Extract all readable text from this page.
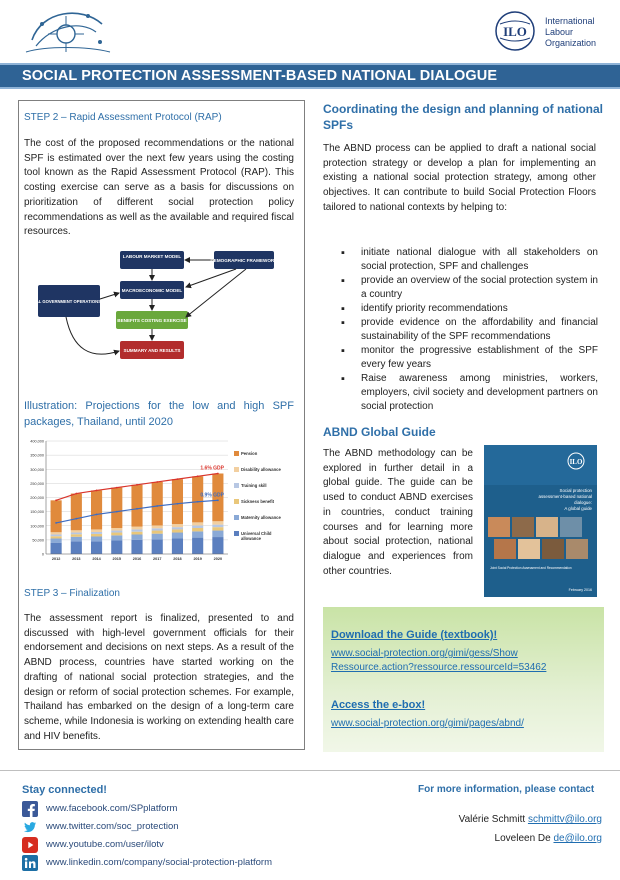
ILO
International
Labour
Organization
SOCIAL PROTECTION ASSESSMENT-BASED NATIONAL DIALOGUE
STEP 2 – Rapid Assessment Protocol (RAP)
The cost of the proposed recommendations or the national SPF is estimated over the next few years using the costing tool known as the Rapid Assessment Protocol (RAP). This costing exercise can serve as a basis for discussions on prioritization of different social protection policy recommendations as well as the available and required fiscal resources.
LABOUR MARKET MODEL
DEMOGRAPHIC FRAMEWORK
MACROECONOMIC MODEL
GENERAL GOVERNMENT OPERATIONS MODEL
BENEFITS COSTING EXERCISE
SUMMARY AND RESULTS
Illustration: Projections for the low and high SPF packages, Thailand, until 2020
0
50,000
100,000
150,000
200,000
250,000
300,000
350,000
400,000
2012	2013	2014	2015	2016	2017	2018	2019	2020
1.6% GDP
0.9% GDP
Pension
Disability allowance
Training skill
Sickness benefit
Maternity allowance
Universal Child allowance
STEP 3 – Finalization
The assessment report is finalized, presented to and discussed with high-level government officials for their endorsement and decisions on next steps. As a result of the ABND process, countries have started working on the drafting of national social protection strategies, and the design or reform of social protection schemes. For example, Thailand has embarked on the design of a long-term care scheme, while Indonesia is working on extending health care and HIV benefits.
Coordinating the design and planning of national SPFs
The ABND process can be applied to draft a national social protection strategy or develop a plan for implementing an existing a national social protection strategy, among other objectives. It can contribute to build Social Protection Floors tailored to national contexts by helping to:
▪ initiate national dialogue with all stakeholders on social protection, SPF and challenges
▪ provide an overview of the social protection system in a country
▪ identify priority recommendations
▪ provide evidence on the affordability and financial sustainability of the SPF recommendations
▪ monitor the progressive establishment of the SPF every few years
▪ Raise awareness among ministries, workers, employers, civil society and development partners on social protection
ABND Global Guide
The ABND methodology can be explored in further detail in a global guide. The guide can be used to conduct ABND exercises in countries, conduct training courses and for learning more about social protection, national dialogue and experiences from other countries.
ILO
Social protection
assessment-based national
dialogue:
A global guide
Joint Social Protection Assessment and Recommendation
February 2016
Download the Guide (textbook)!
www.social-protection.org/gimi/gess/Show
Ressource.action?ressource.ressourceId=53462
Access the e-box!
www.social-protection.org/gimi/pages/abnd/
Stay connected!
www.facebook.com/SPplatform
www.twitter.com/soc_protection
www.youtube.com/user/ilotv
www.linkedin.com/company/social-protection-platform
For more information, please contact
Valérie Schmitt schmittv@ilo.org
Loveleen De de@ilo.org
